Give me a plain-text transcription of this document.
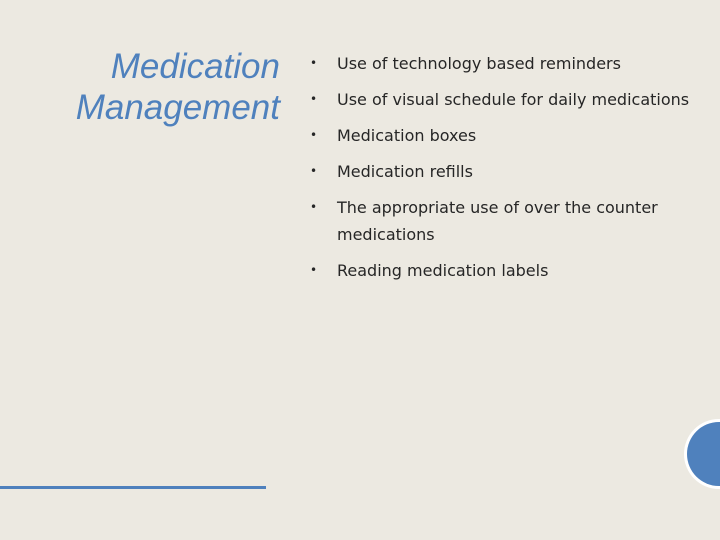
Medication
Management
•	Use of technology based reminders
•	Use of visual schedule for daily medications
•	Medication boxes
•	Medication refills
•	The appropriate use of over the counter medications
•	Reading medication labels
